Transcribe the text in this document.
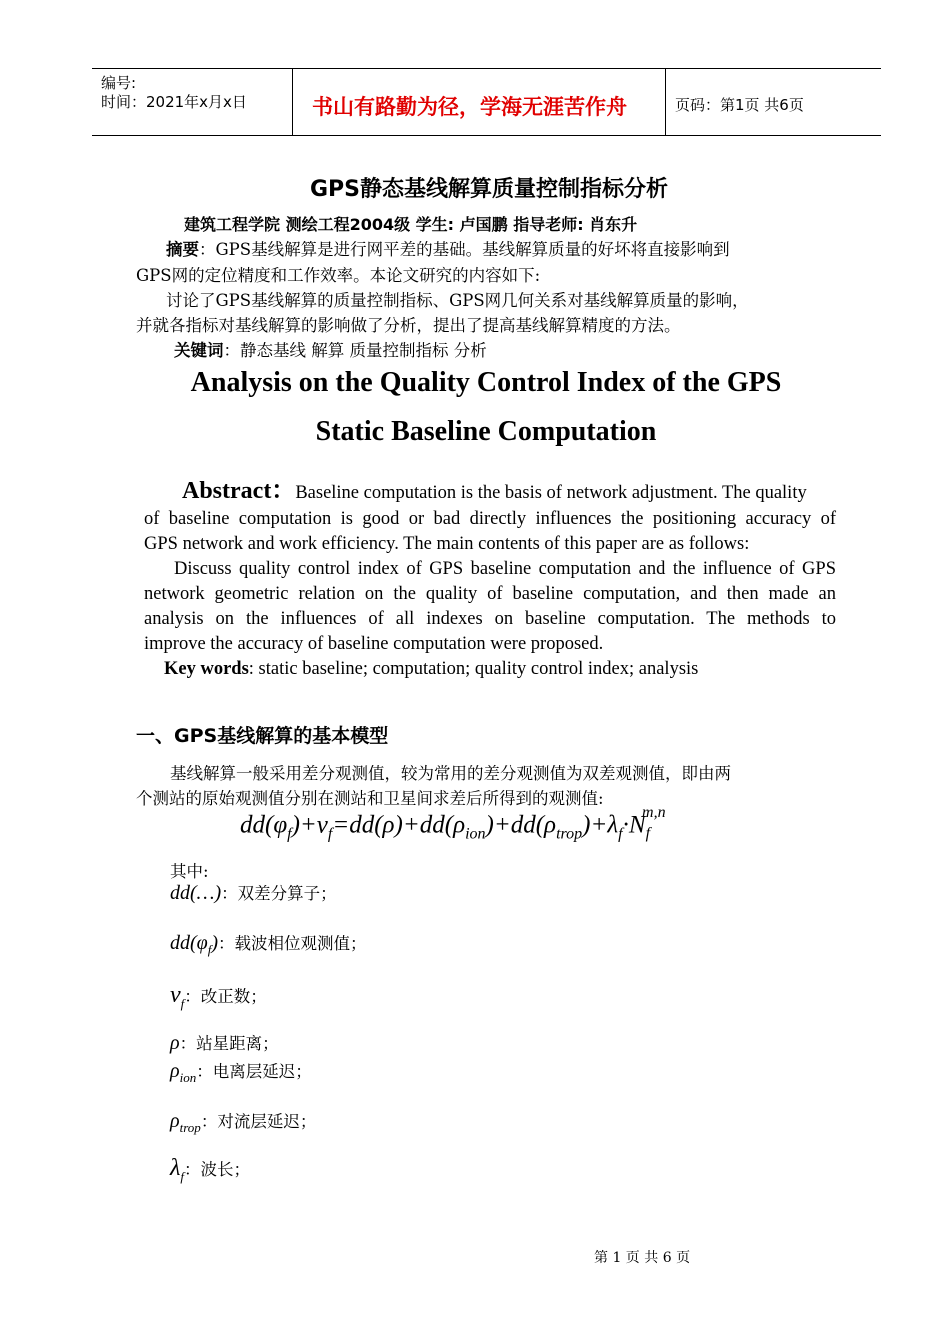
编号:
时间：2021年x月x日	书山有路勤为径，学海无涯苦作舟	页码：第1页 共6页
GPS静态基线解算质量控制指标分析
建筑工程学院 测绘工程2004级 学生: 卢国鹏 指导老师: 肖东升
摘要：GPS基线解算是进行网平差的基础。基线解算质量的好坏将直接影响到
GPS网的定位精度和工作效率。本论文研究的内容如下:
讨论了GPS基线解算的质量控制指标、GPS网几何关系对基线解算质量的影响，
并就各指标对基线解算的影响做了分析，提出了提高基线解算精度的方法。
关键词：静态基线 解算 质量控制指标 分析
Analysis on the Quality Control Index of the GPS
Static Baseline Computation
Abstract：Baseline computation is the basis of network adjustment. The quality
of baseline computation is good or bad directly influences the positioning accuracy of
GPS network and work efficiency. The main contents of this paper are as follows:
Discuss quality control index of GPS baseline computation and the influence of GPS
network geometric relation on the quality of baseline computation, and then made an
analysis on the influences of all indexes on baseline computation. The methods to
improve the accuracy of baseline computation were proposed.
Key words: static baseline; computation; quality control index; analysis
一、GPS基线解算的基本模型
基线解算一般采用差分观测值，较为常用的差分观测值为双差观测值，即由两
个测站的原始观测值分别在测站和卫星间求差后所得到的观测值:
$dd(\varphi_f)+v_f=dd(\rho)+dd(\rho_{ion})+dd(\rho_{trop})+\lambda_f\cdot N_f^{m,n}$
其中:
dd(…)：双差分算子；
$dd(\varphi_f)$：载波相位观测值；
$v_f$：改正数；
ρ：站星距离；
$\rho_{ion}$：电离层延迟；
$\rho_{trop}$：对流层延迟；
$\lambda_f$：波长；
第 1 页 共 6 页
